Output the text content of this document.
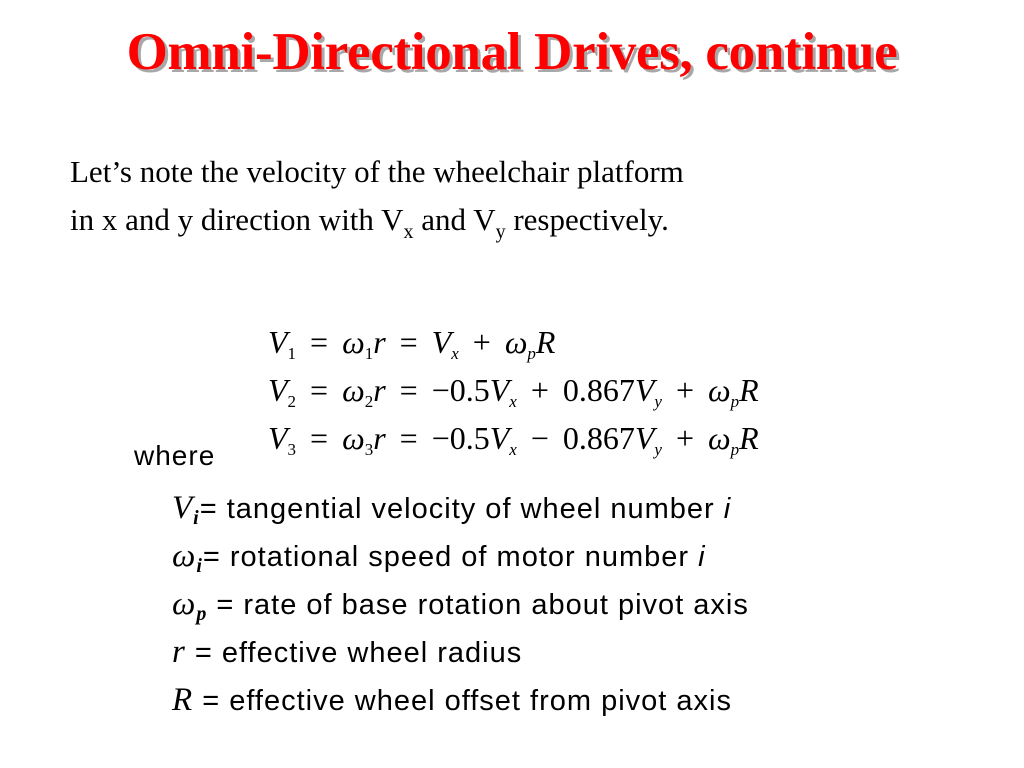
Omni-Directional Drives, continue
Let’s note the velocity of the wheelchair platform
in x and y direction with $V_x$ and $V_y$ respectively.
$V_1 = \omega_1r = V_x + \omega_pR$
$V_2 = \omega_2r = -0.5V_x + 0.867V_y + \omega_pR$
$V_3 = \omega_3r = -0.5V_x - 0.867V_y + \omega_pR$
where
$V_i=$ tangential velocity of wheel number i
$\omega_i=$ rotational speed of motor number i
$\omega_p$ = rate of base rotation about pivot axis
r = effective wheel radius
R = effective wheel offset from pivot axis
